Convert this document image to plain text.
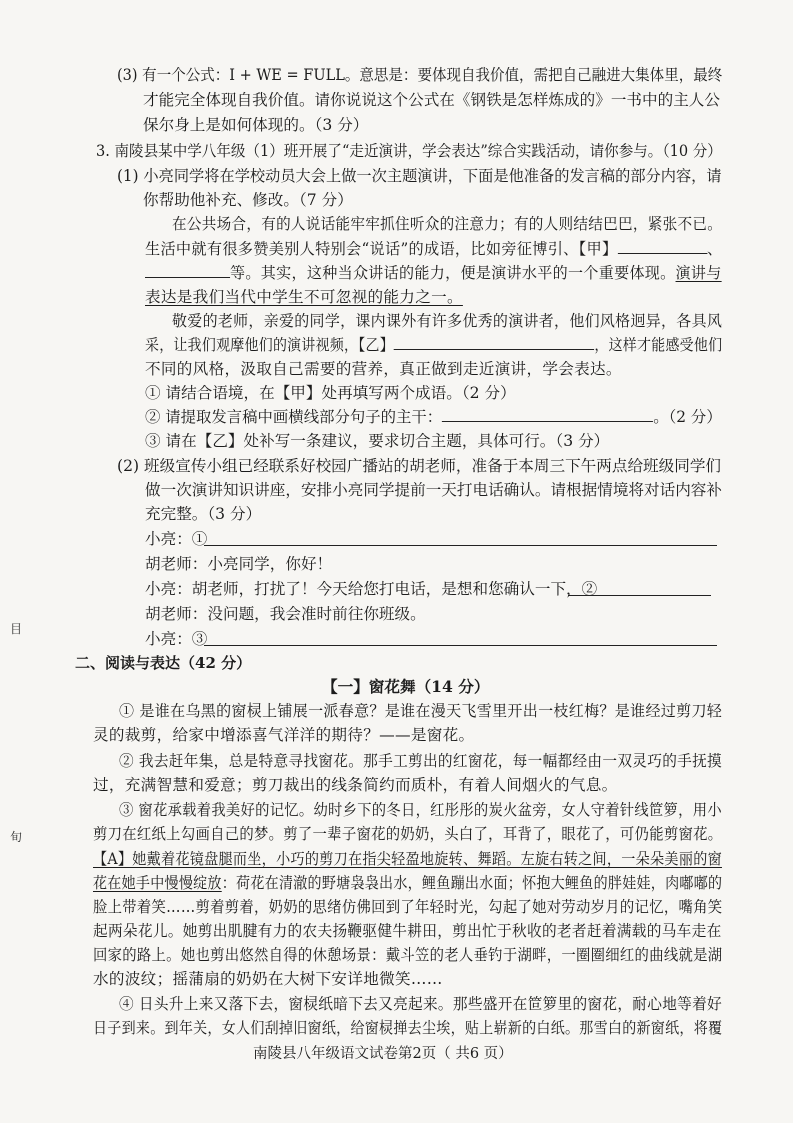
目
旬
(3) 有一个公式：I + WE = FULL。意思是：要体现自我价值，需把自己融进大集体里，最终
才能完全体现自我价值。请你说说这个公式在《钢铁是怎样炼成的》一书中的主人公
保尔身上是如何体现的。（3 分）
3. 南陵县某中学八年级（1）班开展了“走近演讲，学会表达”综合实践活动，请你参与。（10 分）
(1) 小亮同学将在学校动员大会上做一次主题演讲，下面是他准备的发言稿的部分内容，请
你帮助他补充、修改。（7 分）
在公共场合，有的人说话能牢牢抓住听众的注意力；有的人则结结巴巴，紧张不已。
生活中就有很多赞美别人特别会“说话”的成语，比如旁征博引、【甲】	、
等。其实，这种当众讲话的能力，便是演讲水平的一个重要体现。演讲与
表达是我们当代中学生不可忽视的能力之一。
敬爱的老师，亲爱的同学，课内课外有许多优秀的演讲者，他们风格迥异，各具风
采，让我们观摩他们的演讲视频，【乙】	，这样才能感受他们
不同的风格，汲取自己需要的营养，真正做到走近演讲，学会表达。
① 请结合语境，在【甲】处再填写两个成语。（2 分）
② 请提取发言稿中画横线部分句子的主干：	。（2 分）
③ 请在【乙】处补写一条建议，要求切合主题，具体可行。（3 分）
(2) 班级宣传小组已经联系好校园广播站的胡老师，准备于本周三下午两点给班级同学们
做一次演讲知识讲座，安排小亮同学提前一天打电话确认。请根据情境将对话内容补
充完整。（3 分）
小亮：①
胡老师：小亮同学，你好！
小亮：胡老师，打扰了！今天给您打电话，是想和您确认一下，②
胡老师：没问题，我会准时前往你班级。
小亮：③
二、阅读与表达（42 分）
【一】窗花舞（14 分）
① 是谁在乌黑的窗棂上铺展一派春意？是谁在漫天飞雪里开出一枝红梅？是谁经过剪刀轻
灵的裁剪，给家中增添喜气洋洋的期待？——是窗花。
② 我去赶年集，总是特意寻找窗花。那手工剪出的红窗花，每一幅都经由一双灵巧的手抚摸
过，充满智慧和爱意；剪刀裁出的线条简约而质朴，有着人间烟火的气息。
③ 窗花承载着我美好的记忆。幼时乡下的冬日，红彤彤的炭火盆旁，女人守着针线笸箩，用小
剪刀在红纸上勾画自己的梦。剪了一辈子窗花的奶奶，头白了，耳背了，眼花了，可仍能剪窗花。
【A】她戴着花镜盘腿而坐，小巧的剪刀在指尖轻盈地旋转、舞蹈。左旋右转之间，一朵朵美丽的窗
花在她手中慢慢绽放：荷花在清澈的野塘袅袅出水，鲤鱼蹦出水面；怀抱大鲤鱼的胖娃娃，肉嘟嘟的
脸上带着笑……剪着剪着，奶奶的思绪仿佛回到了年轻时光，勾起了她对劳动岁月的记忆，嘴角笑
起两朵花儿。她剪出肌腱有力的农夫扬鞭驱健牛耕田，剪出忙于秋收的老者赶着满载的马车走在
回家的路上。她也剪出悠然自得的休憩场景：戴斗笠的老人垂钓于湖畔，一圈圈细红的曲线就是湖
水的波纹；摇蒲扇的奶奶在大树下安详地微笑……
④ 日头升上来又落下去，窗棂纸暗下去又亮起来。那些盛开在笸箩里的窗花，耐心地等着好
日子到来。到年关，女人们刮掉旧窗纸，给窗棂掸去尘埃，贴上崭新的白纸。那雪白的新窗纸，将覆
南陵县八年级语文试卷第2页（ 共6 页）
